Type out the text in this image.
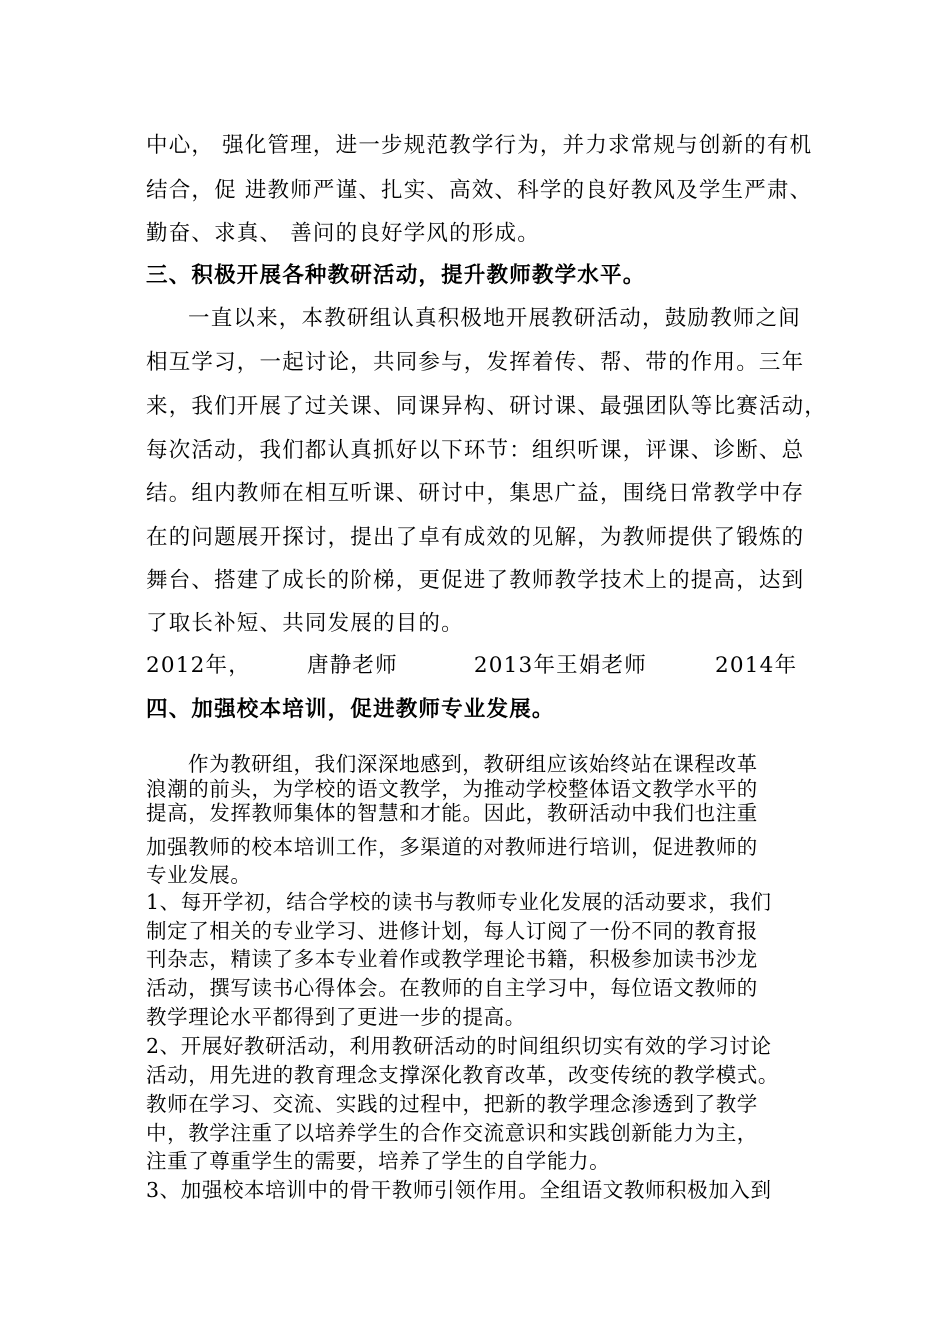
中心， 强化管理，进一步规范教学行为，并力求常规与创新的有机
结合，促 进教师严谨、扎实、高效、科学的良好教风及学生严肃、
勤奋、求真、 善问的良好学风的形成。
三、积极开展各种教研活动，提升教师教学水平。
一直以来，本教研组认真积极地开展教研活动，鼓励教师之间
相互学习，一起讨论，共同参与，发挥着传、帮、带的作用。三年
来，我们开展了过关课、同课异构、研讨课、最强团队等比赛活动，
每次活动，我们都认真抓好以下环节：组织听课，评课、诊断、总
结。组内教师在相互听课、研讨中，集思广益，围绕日常教学中存
在的问题展开探讨，提出了卓有成效的见解，为教师提供了锻炼的
舞台、搭建了成长的阶梯，更促进了教师教学技术上的提高，达到
了取长补短、共同发展的目的。
2012年，	唐静老师	2013年王娟老师	2014年
四、加强校本培训，促进教师专业发展。
作为教研组，我们深深地感到，教研组应该始终站在课程改革
浪潮的前头，为学校的语文教学，为推动学校整体语文教学水平的
提高，发挥教师集体的智慧和才能。因此，教研活动中我们也注重
加强教师的校本培训工作，多渠道的对教师进行培训，促进教师的
专业发展。
1、每开学初，结合学校的读书与教师专业化发展的活动要求，我们
制定了相关的专业学习、进修计划，每人订阅了一份不同的教育报
刊杂志，精读了多本专业着作或教学理论书籍，积极参加读书沙龙
活动，撰写读书心得体会。在教师的自主学习中，每位语文教师的
教学理论水平都得到了更进一步的提高。
2、开展好教研活动，利用教研活动的时间组织切实有效的学习讨论
活动，用先进的教育理念支撑深化教育改革，改变传统的教学模式。
教师在学习、交流、实践的过程中，把新的教学理念渗透到了教学
中，教学注重了以培养学生的合作交流意识和实践创新能力为主，
注重了尊重学生的需要，培养了学生的自学能力。
3、加强校本培训中的骨干教师引领作用。全组语文教师积极加入到
